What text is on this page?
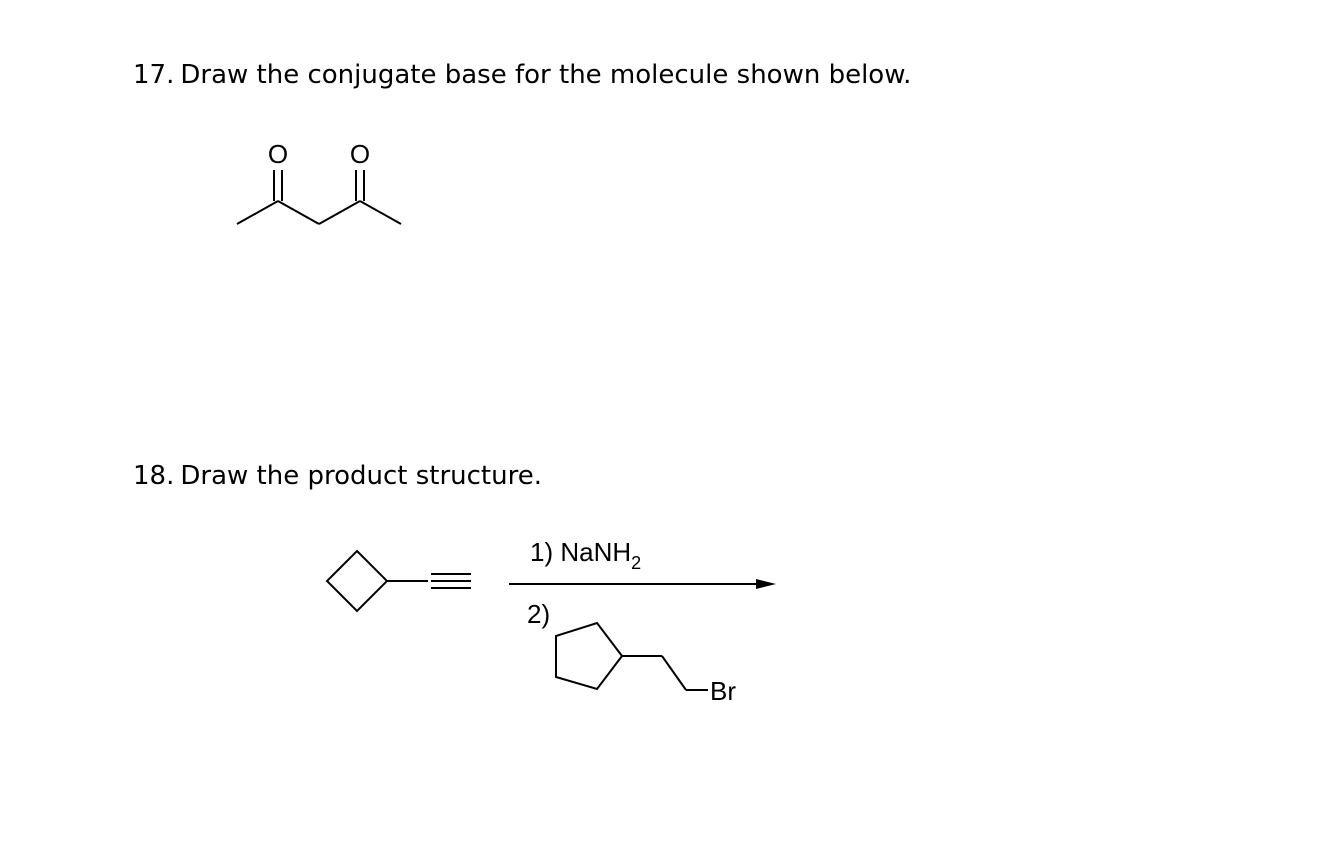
17. Draw the conjugate base for the molecule shown below.
O O
18. Draw the product structure.
1) NaNH$_2$
2)
Br
